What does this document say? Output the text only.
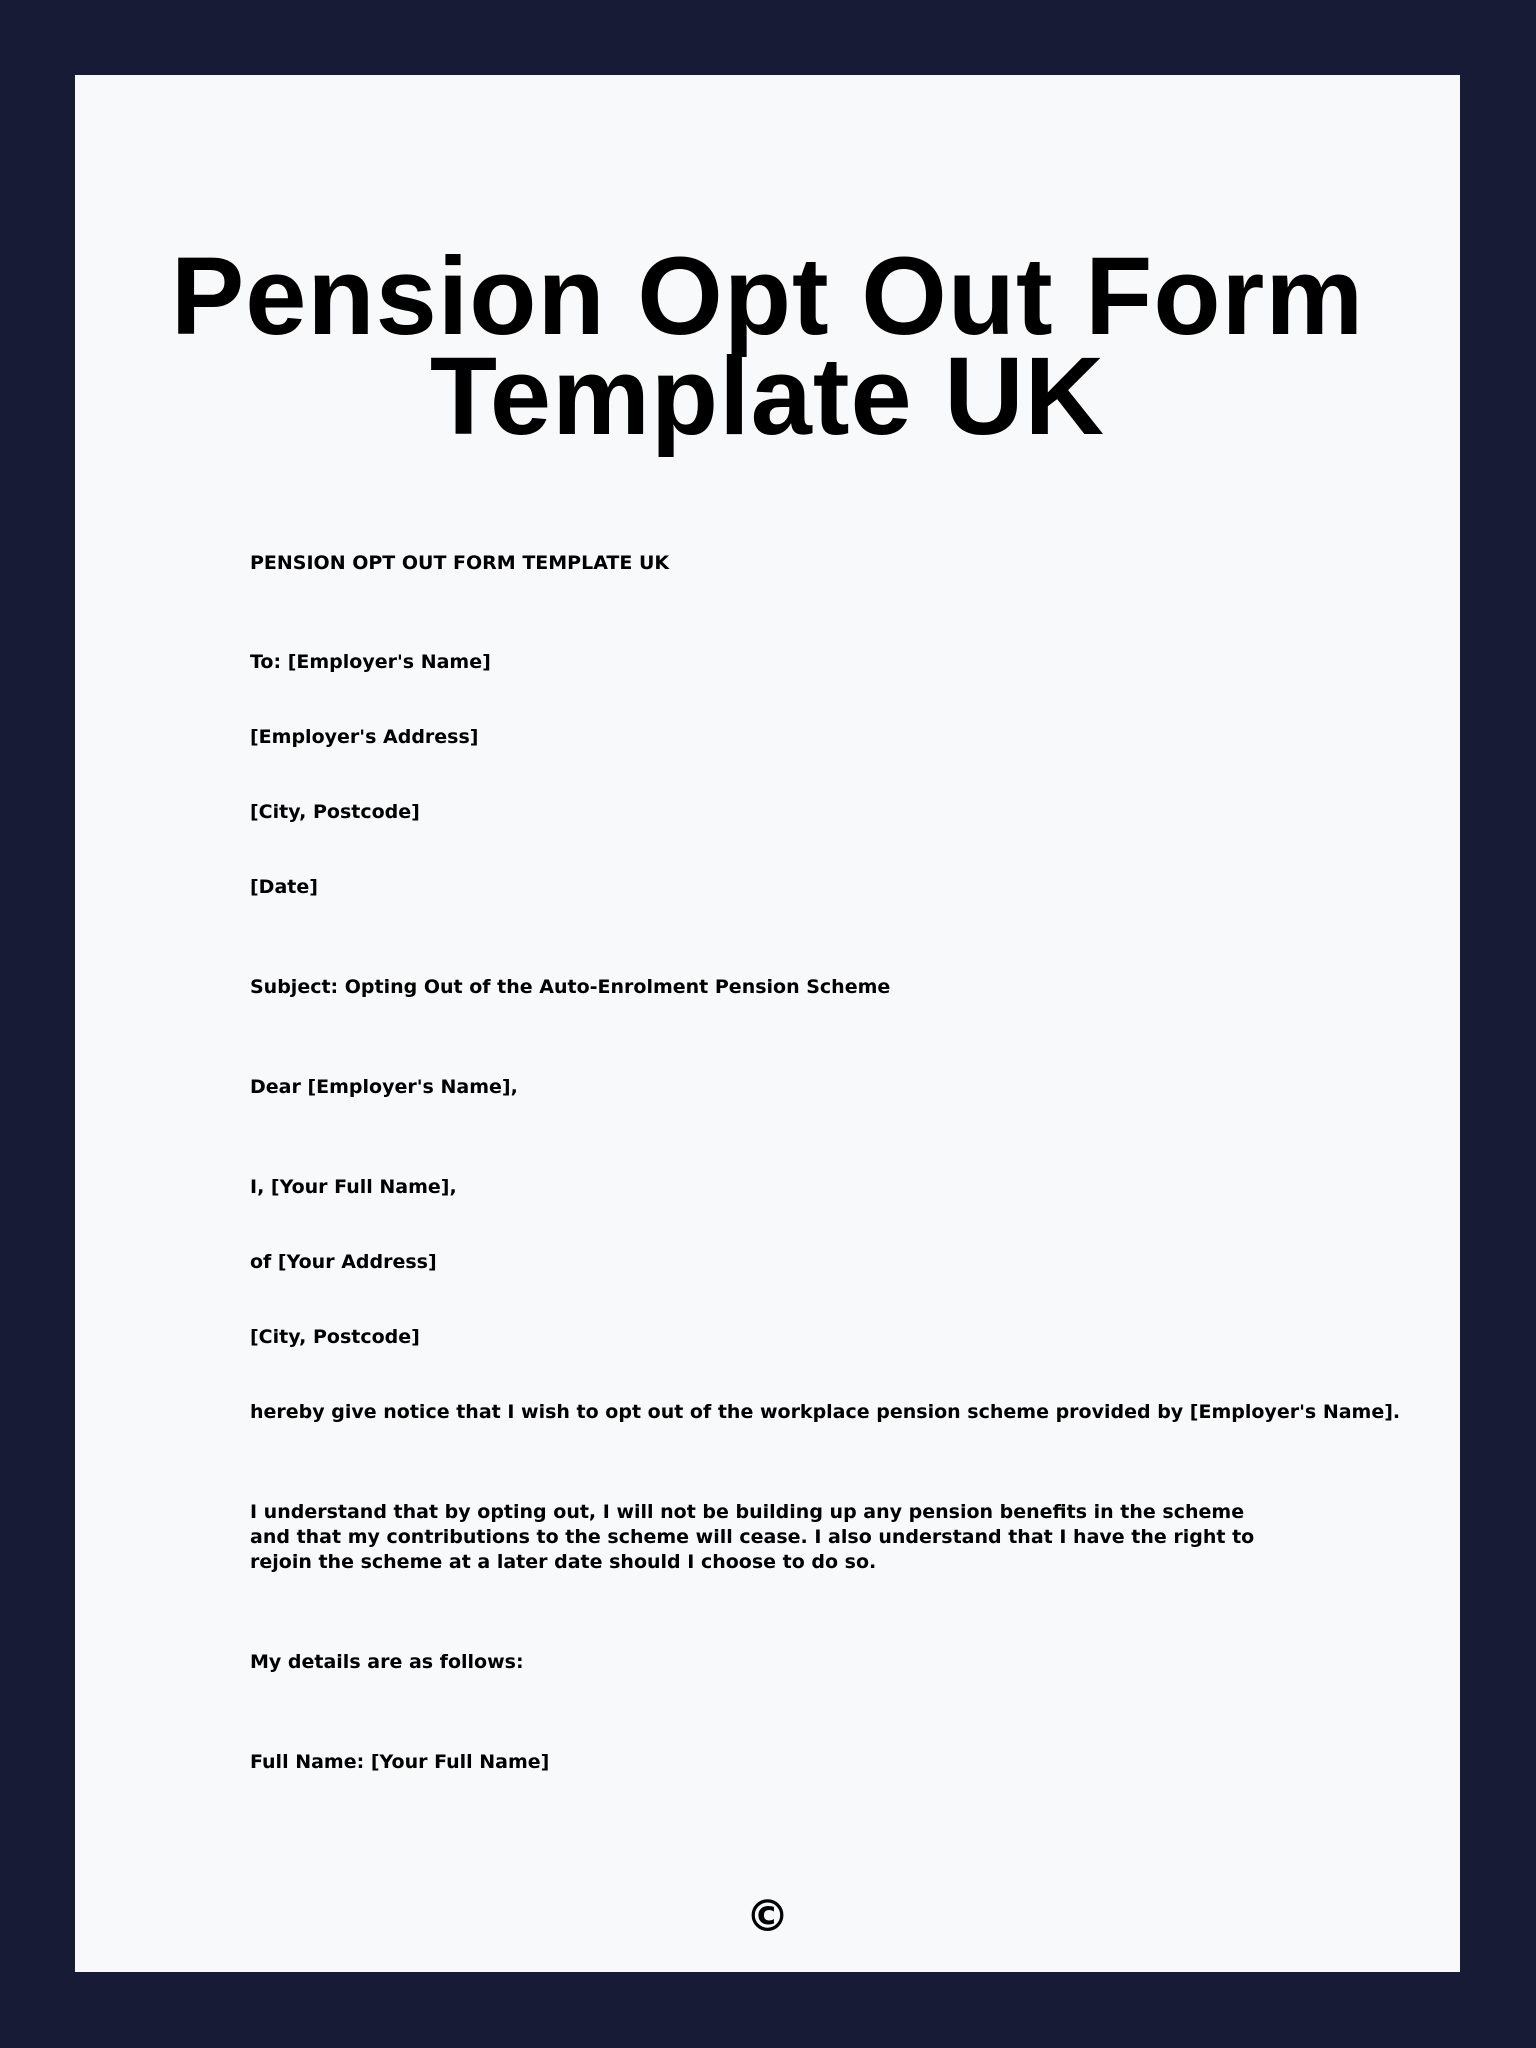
Pension Opt Out Form Template UK

PENSION OPT OUT FORM TEMPLATE UK

To: [Employer's Name]

[Employer's Address]

[City, Postcode]

[Date]

Subject: Opting Out of the Auto-Enrolment Pension Scheme

Dear [Employer's Name],

I, [Your Full Name],

of [Your Address]

[City, Postcode]

hereby give notice that I wish to opt out of the workplace pension scheme provided by [Employer's Name].

I understand that by opting out, I will not be building up any pension benefits in the scheme and that my contributions to the scheme will cease. I also understand that I have the right to rejoin the scheme at a later date should I choose to do so.

My details are as follows:

Full Name: [Your Full Name]

©
